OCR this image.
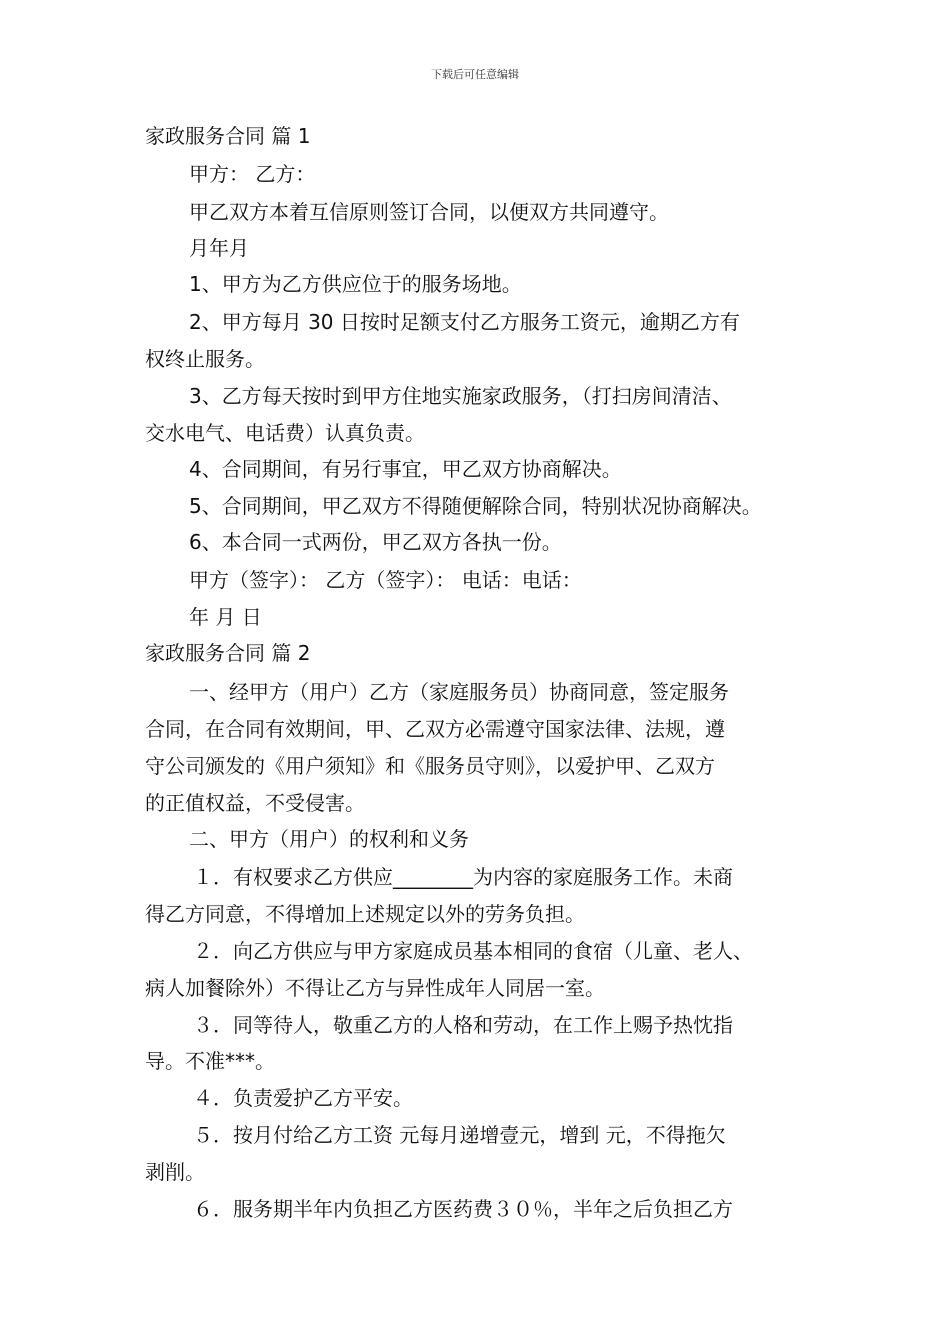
下载后可任意编辑
家政服务合同 篇 1
甲方： 乙方：
甲乙双方本着互信原则签订合同，以便双方共同遵守。
月年月
1、甲方为乙方供应位于的服务场地。
2、甲方每月 30 日按时足额支付乙方服务工资元，逾期乙方有
权终止服务。
3、乙方每天按时到甲方住地实施家政服务，（打扫房间清洁、
交水电气、电话费）认真负责。
4、合同期间，有另行事宜，甲乙双方协商解决。
5、合同期间，甲乙双方不得随便解除合同，特别状况协商解决。
6、本合同一式两份，甲乙双方各执一份。
甲方（签字）： 乙方（签字）： 电话：电话：
年 月 日
家政服务合同 篇 2
一、经甲方（用户）乙方（家庭服务员）协商同意，签定服务
合同，在合同有效期间，甲、乙双方必需遵守国家法律、法规，遵
守公司颁发的《用户须知》和《服务员守则》，以爱护甲、乙双方
的正值权益，不受侵害。
二、甲方（用户）的权利和义务
１．有权要求乙方供应________为内容的家庭服务工作。未商
得乙方同意，不得增加上述规定以外的劳务负担。
２．向乙方供应与甲方家庭成员基本相同的食宿（儿童、老人、
病人加餐除外）不得让乙方与异性成年人同居一室。
３．同等待人，敬重乙方的人格和劳动，在工作上赐予热忱指
导。不准***。
４．负责爱护乙方平安。
５．按月付给乙方工资 元每月递增壹元，增到 元，不得拖欠
剥削。
６．服务期半年内负担乙方医药费３０％，半年之后负担乙方
